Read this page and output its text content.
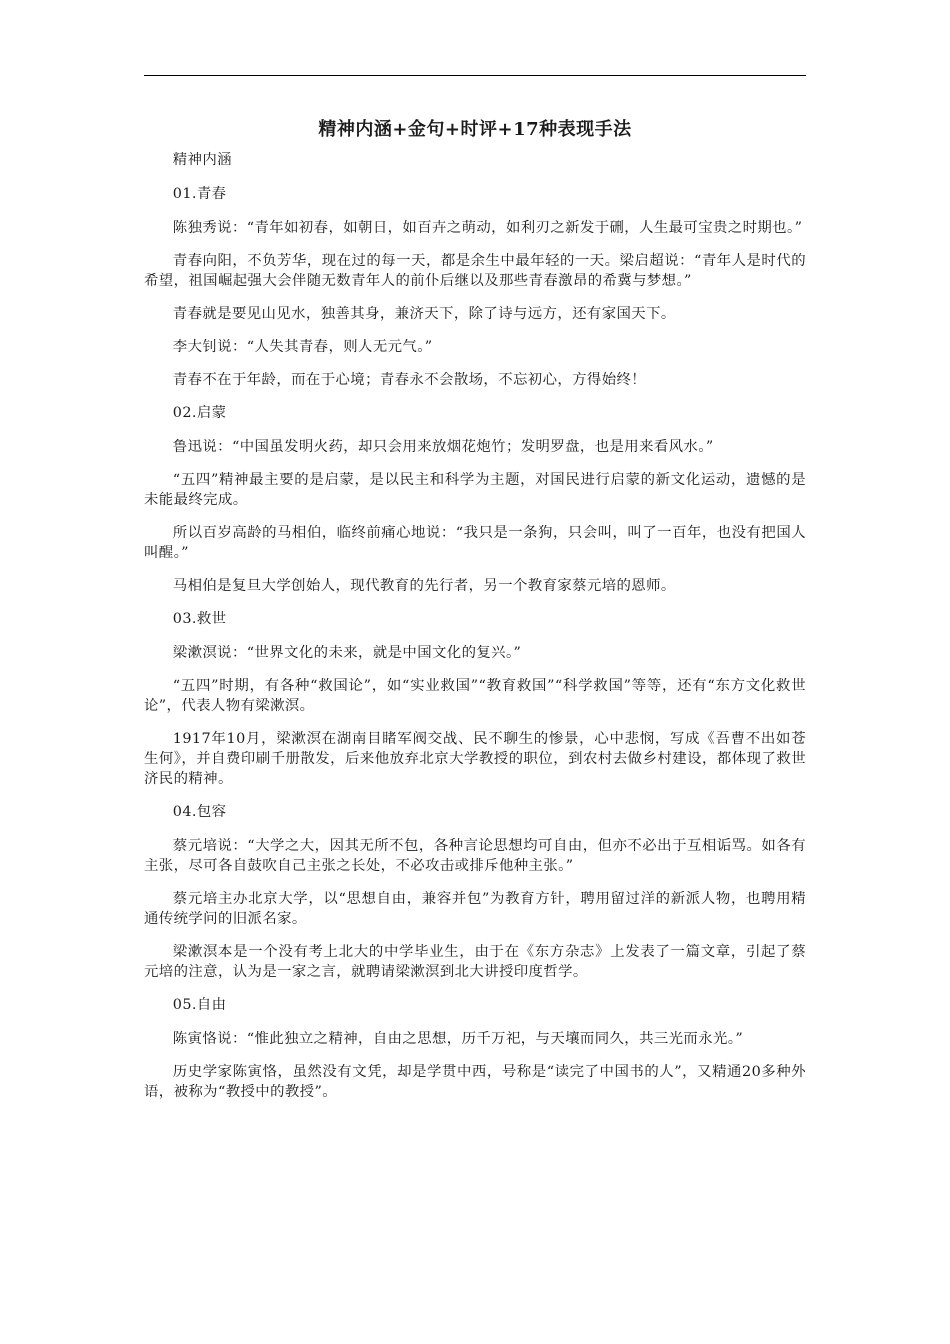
精神内涵+金句+时评+17种表现手法

精神内涵

01.青春

陈独秀说：“青年如初春，如朝日，如百卉之萌动，如利刃之新发于硎，人生最可宝贵之时期也。”

青春向阳，不负芳华，现在过的每一天，都是余生中最年轻的一天。梁启超说：“青年人是时代的希望，祖国崛起强大会伴随无数青年人的前仆后继以及那些青春激昂的希冀与梦想。”

青春就是要见山见水，独善其身，兼济天下，除了诗与远方，还有家国天下。

李大钊说：“人失其青春，则人无元气。”

青春不在于年龄，而在于心境；青春永不会散场，不忘初心，方得始终！

02.启蒙

鲁迅说：“中国虽发明火药，却只会用来放烟花炮竹；发明罗盘，也是用来看风水。”

“五四”精神最主要的是启蒙，是以民主和科学为主题，对国民进行启蒙的新文化运动，遗憾的是未能最终完成。

所以百岁高龄的马相伯，临终前痛心地说：“我只是一条狗，只会叫，叫了一百年，也没有把国人叫醒。”

马相伯是复旦大学创始人，现代教育的先行者，另一个教育家蔡元培的恩师。

03.救世

梁漱溟说：“世界文化的未来，就是中国文化的复兴。”

“五四”时期，有各种“救国论”，如“实业救国”“教育救国”“科学救国”等等，还有“东方文化救世论”，代表人物有梁漱溟。

1917年10月，梁漱溟在湖南目睹军阀交战、民不聊生的惨景，心中悲悯，写成《吾曹不出如苍生何》，并自费印刷千册散发，后来他放弃北京大学教授的职位，到农村去做乡村建设，都体现了救世济民的精神。

04.包容

蔡元培说：“大学之大，因其无所不包，各种言论思想均可自由，但亦不必出于互相诟骂。如各有主张，尽可各自鼓吹自己主张之长处，不必攻击或排斥他种主张。”

蔡元培主办北京大学，以“思想自由，兼容并包”为教育方针，聘用留过洋的新派人物，也聘用精通传统学问的旧派名家。

梁漱溟本是一个没有考上北大的中学毕业生，由于在《东方杂志》上发表了一篇文章，引起了蔡元培的注意，认为是一家之言，就聘请梁漱溟到北大讲授印度哲学。

05.自由

陈寅恪说：“惟此独立之精神，自由之思想，历千万祀，与天壤而同久，共三光而永光。”

历史学家陈寅恪，虽然没有文凭，却是学贯中西，号称是“读完了中国书的人”，又精通20多种外语，被称为“教授中的教授”。
